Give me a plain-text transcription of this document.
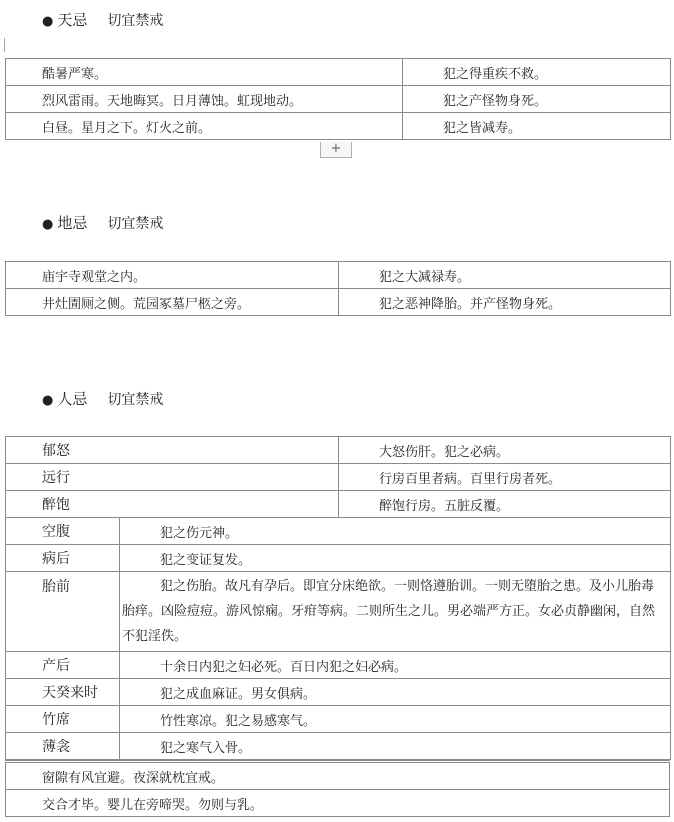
● 天忌 切宜禁戒
酷暑严寒。	犯之得重疾不救。
烈风雷雨。天地晦冥。日月薄蚀。虹现地动。	犯之产怪物身死。
白昼。星月之下。灯火之前。	犯之皆减寿。
+
● 地忌 切宜禁戒
庙宇寺观堂之内。	犯之大减禄寿。
井灶圊厕之侧。荒园冢墓尸柩之旁。	犯之恶神降胎。并产怪物身死。
● 人忌 切宜禁戒
郁怒	大怒伤肝。犯之必病。
远行	行房百里者病。百里行房者死。
醉饱	醉饱行房。五脏反覆。
空腹	犯之伤元神。
病后	犯之变证复发。
胎前	犯之伤胎。故凡有孕后。即宜分床绝欲。一则恪遵胎训。一则无堕胎之患。及小儿胎毒胎痒。凶险痘痘。游风惊痫。牙疳等病。二则所生之儿。男必端严方正。女必贞静幽闲，自然不犯淫佚。
产后	十余日内犯之妇必死。百日内犯之妇必病。
天癸来时	犯之成血麻证。男女俱病。
竹席	竹性寒凉。犯之易感寒气。
薄衾	犯之寒气入骨。
窗隙有风宜避。夜深就枕宜戒。
交合才毕。婴儿在旁啼哭。勿则与乳。
